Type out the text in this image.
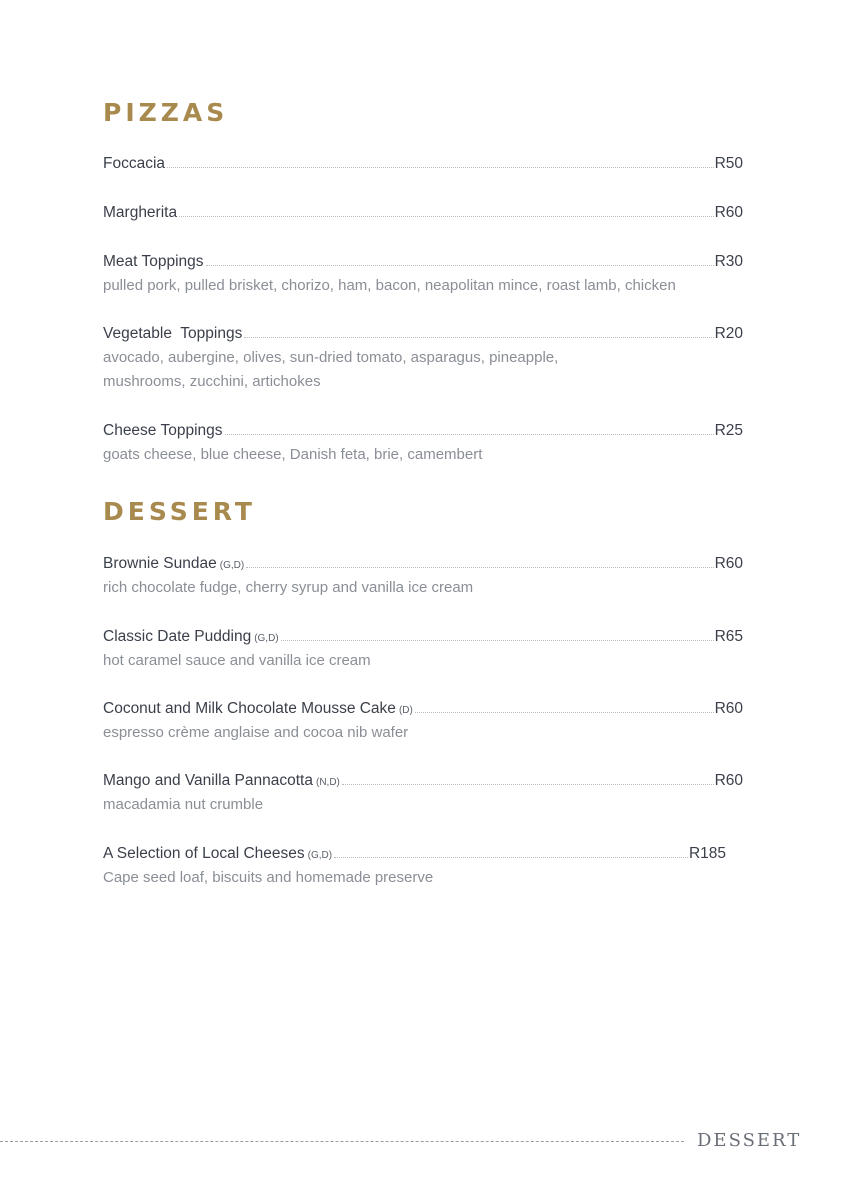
PIZZAS
Foccacia	R50
Margherita	R60
Meat Toppings	R30

pulled pork, pulled brisket, chorizo, ham, bacon, neapolitan mince, roast lamb, chicken

Vegetable  Toppings	R20

avocado, aubergine, olives, sun-dried tomato, asparagus, pineapple,

mushrooms, zucchini, artichokes

Cheese Toppings	R25

goats cheese, blue cheese, Danish feta, brie, camembert

DESSERT
Brownie Sundae (G,D)	R60

rich chocolate fudge, cherry syrup and vanilla ice cream

Classic Date Pudding (G,D)	R65

hot caramel sauce and vanilla ice cream

Coconut and Milk Chocolate Mousse Cake (D)	R60

espresso crème anglaise and cocoa nib wafer

Mango and Vanilla Pannacotta (N,D)	R60

macadamia nut crumble

A Selection of Local Cheeses (G,D)	R185

Cape seed loaf, biscuits and homemade preserve

DESSERT
